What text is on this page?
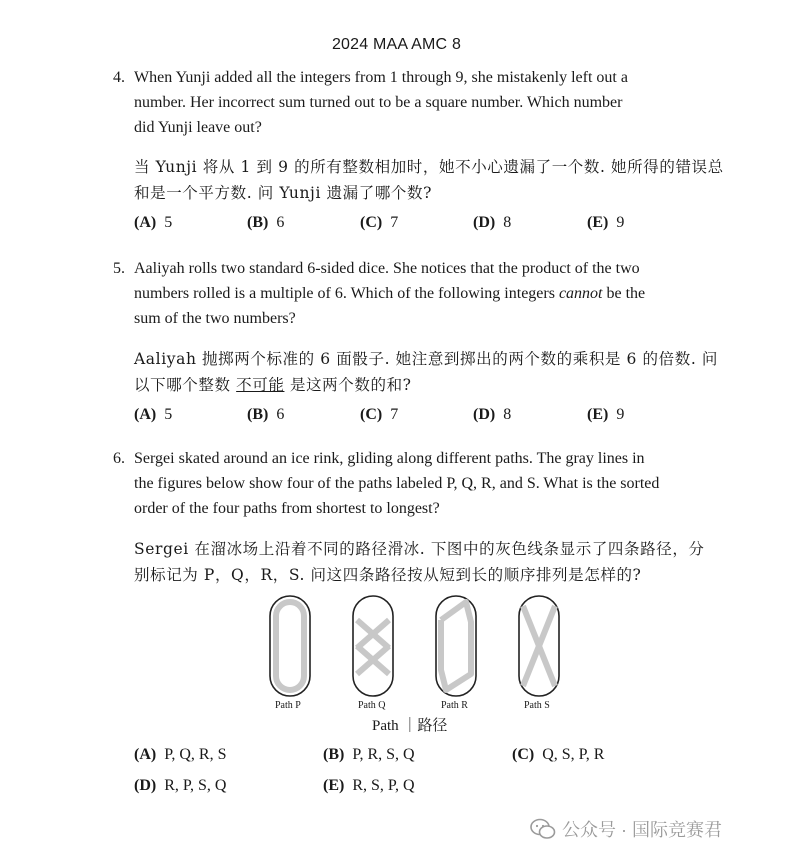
2024 MAA AMC 8
4. When Yunji added all the integers from 1 through 9, she mistakenly left out a
number. Her incorrect sum turned out to be a square number. Which number
did Yunji leave out?
当 Yunji 将从 1 到 9 的所有整数相加时，她不小心遗漏了一个数. 她所得的错误总
和是一个平方数. 问 Yunji 遗漏了哪个数?
(A) 5	(B) 6	(C) 7	(D) 8	(E) 9
5. Aaliyah rolls two standard 6-sided dice. She notices that the product of the two
numbers rolled is a multiple of 6. Which of the following integers cannot be the
sum of the two numbers?
Aaliyah 抛掷两个标准的 6 面骰子. 她注意到掷出的两个数的乘积是 6 的倍数. 问
以下哪个整数 不可能 是这两个数的和?
(A) 5	(B) 6	(C) 7	(D) 8	(E) 9
6. Sergei skated around an ice rink, gliding along different paths. The gray lines in
the figures below show four of the paths labeled P, Q, R, and S. What is the sorted
order of the four paths from shortest to longest?
Sergei 在溜冰场上沿着不同的路径滑冰. 下图中的灰色线条显示了四条路径，分
别标记为 P，Q，R，S. 问这四条路径按从短到长的顺序排列是怎样的?
Path P	Path Q	Path R	Path S
Path ｜路径
(A) P, Q, R, S	(B) P, R, S, Q	(C) Q, S, P, R
(D) R, P, S, Q	(E) R, S, P, Q
公众号 · 国际竞赛君
